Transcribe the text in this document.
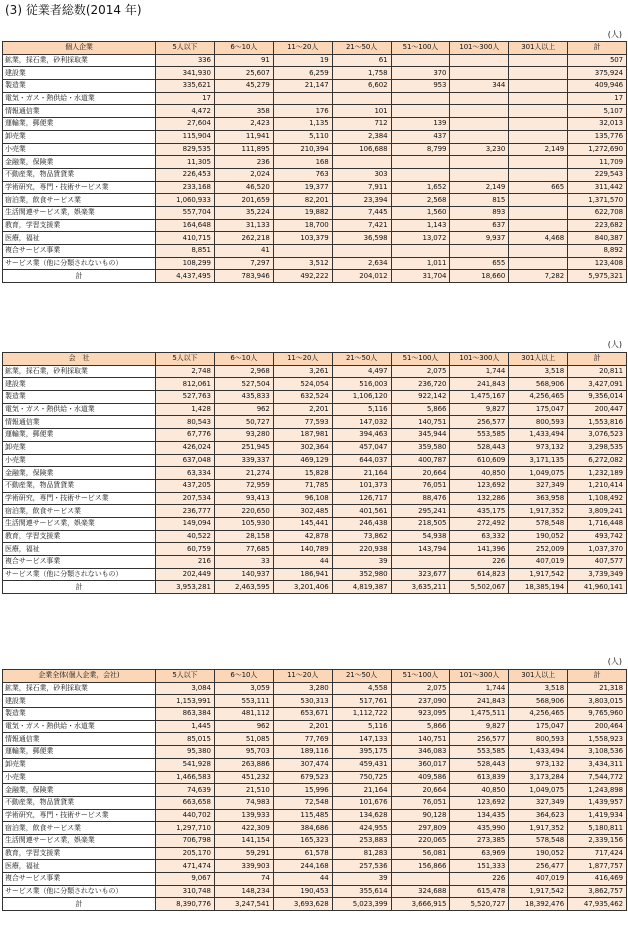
(3) 従業者総数(2014 年)
(人)
個人企業	5人以下	6～10人	11～20人	21～50人	51～100人	101～300人	301人以上	計
鉱業，採石業，砂利採取業	336	91	19	61				507
建設業	341,930	25,607	6,259	1,758	370			375,924
製造業	335,621	45,279	21,147	6,602	953	344		409,946
電気・ガス・熱供給・水道業	17							17
情報通信業	4,472	358	176	101				5,107
運輸業，郵便業	27,604	2,423	1,135	712	139			32,013
卸売業	115,904	11,941	5,110	2,384	437			135,776
小売業	829,535	111,895	210,394	106,688	8,799	3,230	2,149	1,272,690
金融業，保険業	11,305	236	168					11,709
不動産業，物品賃貸業	226,453	2,024	763	303				229,543
学術研究，専門・技術サービス業	233,168	46,520	19,377	7,911	1,652	2,149	665	311,442
宿泊業，飲食サービス業	1,060,933	201,659	82,201	23,394	2,568	815		1,371,570
生活関連サービス業，娯楽業	557,704	35,224	19,882	7,445	1,560	893		622,708
教育，学習支援業	164,648	31,133	18,700	7,421	1,143	637		223,682
医療，福祉	410,715	262,218	103,379	36,598	13,072	9,937	4,468	840,387
複合サービス事業	8,851	41						8,892
サービス業（他に分類されないもの）	108,299	7,297	3,512	2,634	1,011	655		123,408
計	4,437,495	783,946	492,222	204,012	31,704	18,660	7,282	5,975,321
(人)
会　社	5人以下	6～10人	11～20人	21～50人	51～100人	101～300人	301人以上	計
鉱業，採石業，砂利採取業	2,748	2,968	3,261	4,497	2,075	1,744	3,518	20,811
建設業	812,061	527,504	524,054	516,003	236,720	241,843	568,906	3,427,091
製造業	527,763	435,833	632,524	1,106,120	922,142	1,475,167	4,256,465	9,356,014
電気・ガス・熱供給・水道業	1,428	962	2,201	5,116	5,866	9,827	175,047	200,447
情報通信業	80,543	50,727	77,593	147,032	140,751	256,577	800,593	1,553,816
運輸業，郵便業	67,776	93,280	187,981	394,463	345,944	553,585	1,433,494	3,076,523
卸売業	426,024	251,945	302,364	457,047	359,580	528,443	973,132	3,298,535
小売業	637,048	339,337	469,129	644,037	400,787	610,609	3,171,135	6,272,082
金融業，保険業	63,334	21,274	15,828	21,164	20,664	40,850	1,049,075	1,232,189
不動産業，物品賃貸業	437,205	72,959	71,785	101,373	76,051	123,692	327,349	1,210,414
学術研究，専門・技術サービス業	207,534	93,413	96,108	126,717	88,476	132,286	363,958	1,108,492
宿泊業，飲食サービス業	236,777	220,650	302,485	401,561	295,241	435,175	1,917,352	3,809,241
生活関連サービス業，娯楽業	149,094	105,930	145,441	246,438	218,505	272,492	578,548	1,716,448
教育，学習支援業	40,522	28,158	42,878	73,862	54,938	63,332	190,052	493,742
医療，福祉	60,759	77,685	140,789	220,938	143,794	141,396	252,009	1,037,370
複合サービス事業	216	33	44	39		226	407,019	407,577
サービス業（他に分類されないもの）	202,449	140,937	186,941	352,980	323,677	614,823	1,917,542	3,739,349
計	3,953,281	2,463,595	3,201,406	4,819,387	3,635,211	5,502,067	18,385,194	41,960,141
(人)
企業全体(個人企業，会社)	5人以下	6～10人	11～20人	21～50人	51～100人	101～300人	301人以上	計
鉱業，採石業，砂利採取業	3,084	3,059	3,280	4,558	2,075	1,744	3,518	21,318
建設業	1,153,991	553,111	530,313	517,761	237,090	241,843	568,906	3,803,015
製造業	863,384	481,112	653,671	1,112,722	923,095	1,475,511	4,256,465	9,765,960
電気・ガス・熱供給・水道業	1,445	962	2,201	5,116	5,866	9,827	175,047	200,464
情報通信業	85,015	51,085	77,769	147,133	140,751	256,577	800,593	1,558,923
運輸業，郵便業	95,380	95,703	189,116	395,175	346,083	553,585	1,433,494	3,108,536
卸売業	541,928	263,886	307,474	459,431	360,017	528,443	973,132	3,434,311
小売業	1,466,583	451,232	679,523	750,725	409,586	613,839	3,173,284	7,544,772
金融業，保険業	74,639	21,510	15,996	21,164	20,664	40,850	1,049,075	1,243,898
不動産業，物品賃貸業	663,658	74,983	72,548	101,676	76,051	123,692	327,349	1,439,957
学術研究，専門・技術サービス業	440,702	139,933	115,485	134,628	90,128	134,435	364,623	1,419,934
宿泊業，飲食サービス業	1,297,710	422,309	384,686	424,955	297,809	435,990	1,917,352	5,180,811
生活関連サービス業，娯楽業	706,798	141,154	165,323	253,883	220,065	273,385	578,548	2,339,156
教育，学習支援業	205,170	59,291	61,578	81,283	56,081	63,969	190,052	717,424
医療，福祉	471,474	339,903	244,168	257,536	156,866	151,333	256,477	1,877,757
複合サービス事業	9,067	74	44	39		226	407,019	416,469
サービス業（他に分類されないもの）	310,748	148,234	190,453	355,614	324,688	615,478	1,917,542	3,862,757
計	8,390,776	3,247,541	3,693,628	5,023,399	3,666,915	5,520,727	18,392,476	47,935,462
